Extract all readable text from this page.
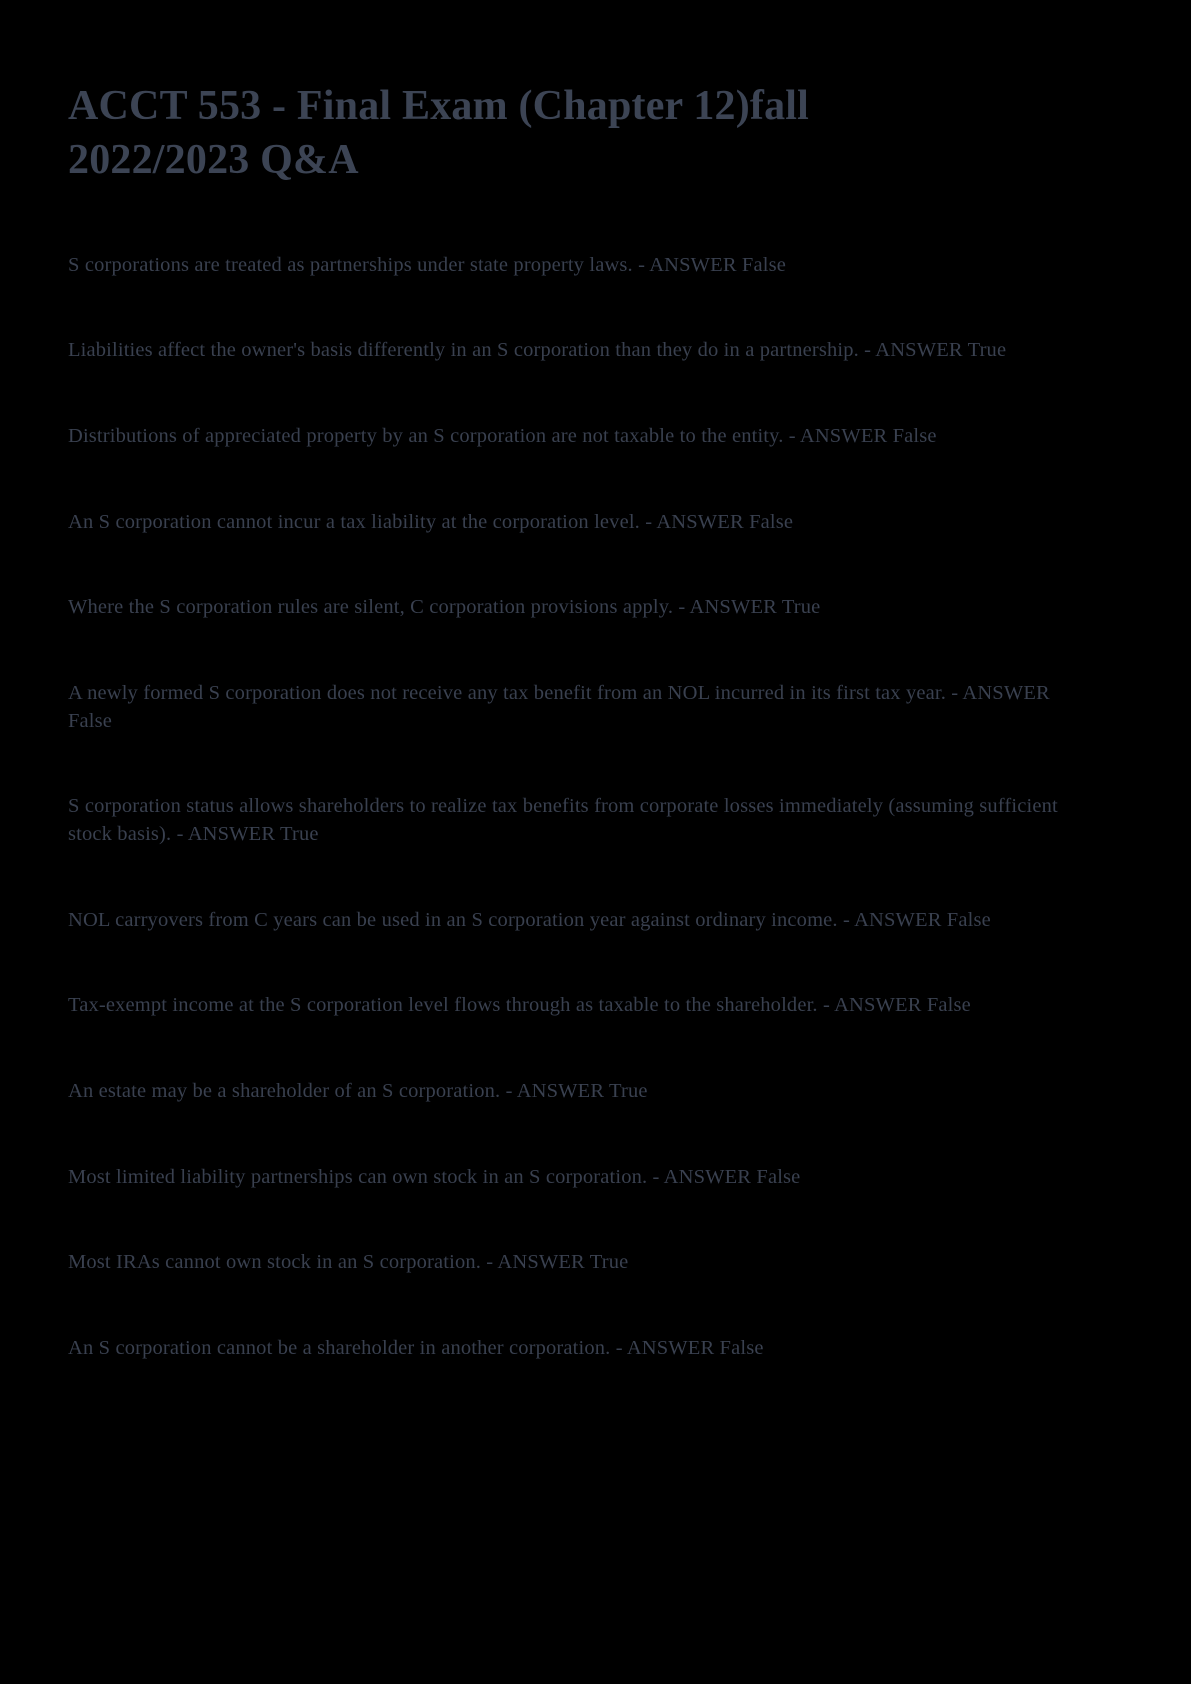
ACCT 553 - Final Exam (Chapter 12)fall 2022/2023 Q&A

S corporations are treated as partnerships under state property laws. - ANSWER False

Liabilities affect the owner's basis differently in an S corporation than they do in a partnership. - ANSWER True

Distributions of appreciated property by an S corporation are not taxable to the entity. - ANSWER False

An S corporation cannot incur a tax liability at the corporation level. - ANSWER False

Where the S corporation rules are silent, C corporation provisions apply. - ANSWER True

A newly formed S corporation does not receive any tax benefit from an NOL incurred in its first tax year. - ANSWER False

S corporation status allows shareholders to realize tax benefits from corporate losses immediately (assuming sufficient stock basis). - ANSWER True

NOL carryovers from C years can be used in an S corporation year against ordinary income. - ANSWER False

Tax-exempt income at the S corporation level flows through as taxable to the shareholder. - ANSWER False

An estate may be a shareholder of an S corporation. - ANSWER True

Most limited liability partnerships can own stock in an S corporation. - ANSWER False

Most IRAs cannot own stock in an S corporation. - ANSWER True

An S corporation cannot be a shareholder in another corporation. - ANSWER False
